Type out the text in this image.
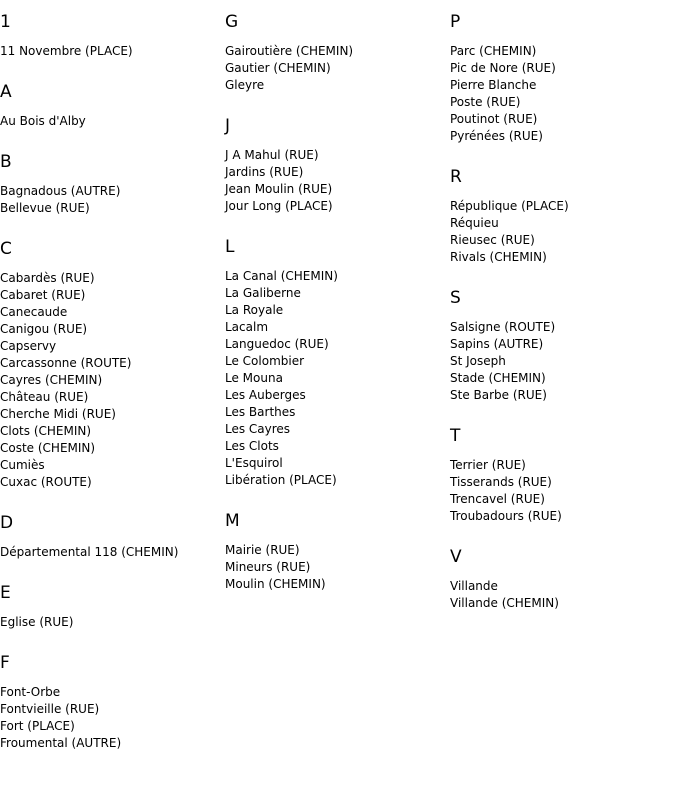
1
11 Novembre (PLACE)
A
Au Bois d'Alby
B
Bagnadous (AUTRE)
Bellevue (RUE)
C
Cabardès (RUE)
Cabaret (RUE)
Canecaude
Canigou (RUE)
Capservy
Carcassonne (ROUTE)
Cayres (CHEMIN)
Château (RUE)
Cherche Midi (RUE)
Clots (CHEMIN)
Coste (CHEMIN)
Cumiès
Cuxac (ROUTE)
D
Départemental 118 (CHEMIN)
E
Eglise (RUE)
F
Font-Orbe
Fontvieille (RUE)
Fort (PLACE)
Froumental (AUTRE)
G
Gairoutière (CHEMIN)
Gautier (CHEMIN)
Gleyre
J
J A Mahul (RUE)
Jardins (RUE)
Jean Moulin (RUE)
Jour Long (PLACE)
L
La Canal (CHEMIN)
La Galiberne
La Royale
Lacalm
Languedoc (RUE)
Le Colombier
Le Mouna
Les Auberges
Les Barthes
Les Cayres
Les Clots
L'Esquirol
Libération (PLACE)
M
Mairie (RUE)
Mineurs (RUE)
Moulin (CHEMIN)
P
Parc (CHEMIN)
Pic de Nore (RUE)
Pierre Blanche
Poste (RUE)
Poutinot (RUE)
Pyrénées (RUE)
R
République (PLACE)
Réquieu
Rieusec (RUE)
Rivals (CHEMIN)
S
Salsigne (ROUTE)
Sapins (AUTRE)
St Joseph
Stade (CHEMIN)
Ste Barbe (RUE)
T
Terrier (RUE)
Tisserands (RUE)
Trencavel (RUE)
Troubadours (RUE)
V
Villande
Villande (CHEMIN)
